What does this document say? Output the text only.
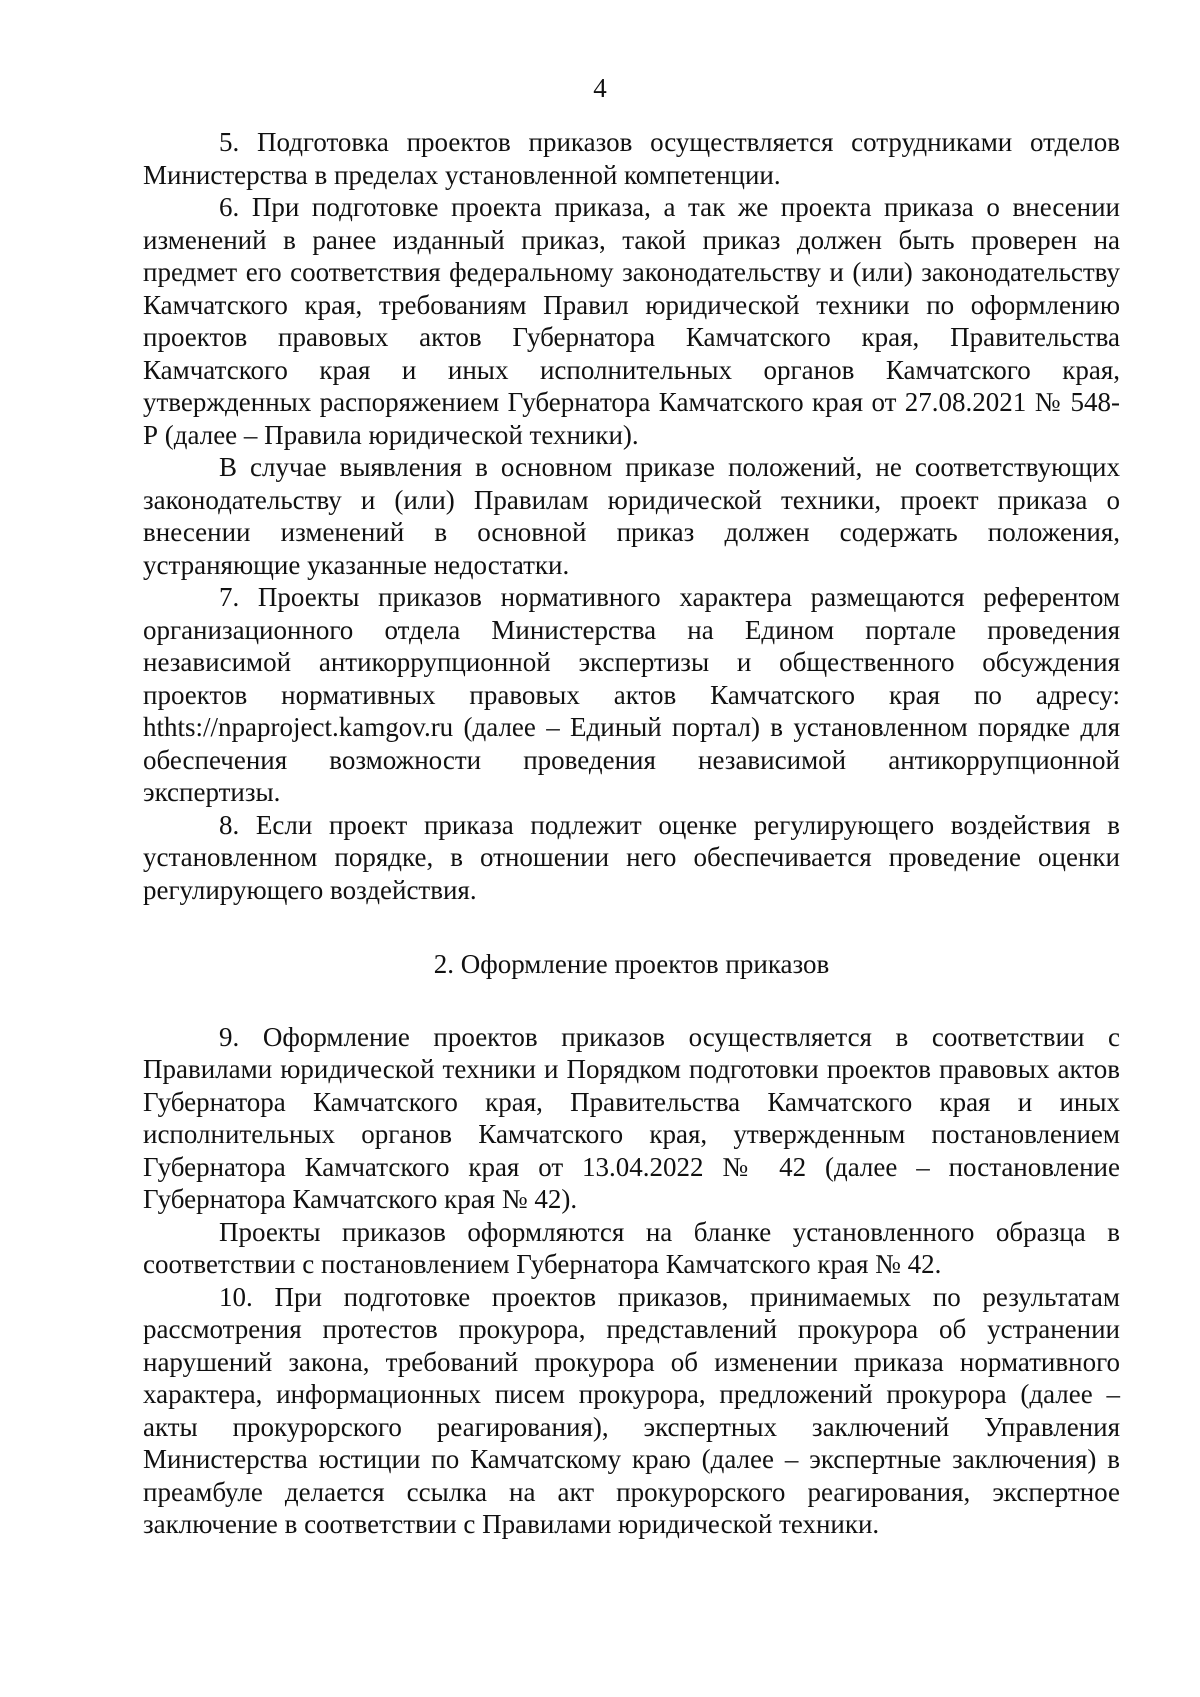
4

5. Подготовка проектов приказов осуществляется сотрудниками отделов Министерства в пределах установленной компетенции.

6. При подготовке проекта приказа, а так же проекта приказа о внесении изменений в ранее изданный приказ, такой приказ должен быть проверен на предмет его соответствия федеральному законодательству и (или) законодательству Камчатского края, требованиям Правил юридической техники по оформлению проектов правовых актов Губернатора Камчатского края, Правительства Камчатского края и иных исполнительных органов Камчатского края, утвержденных распоряжением Губернатора Камчатского края от 27.08.2021 № 548-Р (далее – Правила юридической техники).

В случае выявления в основном приказе положений, не соответствующих законодательству и (или) Правилам юридической техники, проект приказа о внесении изменений в основной приказ должен содержать положения, устраняющие указанные недостатки.

7. Проекты приказов нормативного характера размещаются референтом организационного отдела Министерства на Едином портале проведения независимой антикоррупционной экспертизы и общественного обсуждения проектов нормативных правовых актов Камчатского края по адресу: hthts://npaproject.kamgov.ru (далее – Единый портал) в установленном порядке для обеспечения возможности проведения независимой антикоррупционной экспертизы.

8. Если проект приказа подлежит оценке регулирующего воздействия в установленном порядке, в отношении него обеспечивается проведение оценки регулирующего воздействия.

2. Оформление проектов приказов

9. Оформление проектов приказов осуществляется в соответствии с Правилами юридической техники и Порядком подготовки проектов правовых актов Губернатора Камчатского края, Правительства Камчатского края и иных исполнительных органов Камчатского края, утвержденным постановлением Губернатора Камчатского края от 13.04.2022 № 42 (далее – постановление Губернатора Камчатского края № 42).

Проекты приказов оформляются на бланке установленного образца в соответствии с постановлением Губернатора Камчатского края № 42.

10. При подготовке проектов приказов, принимаемых по результатам рассмотрения протестов прокурора, представлений прокурора об устранении нарушений закона, требований прокурора об изменении приказа нормативного характера, информационных писем прокурора, предложений прокурора (далее – акты прокурорского реагирования), экспертных заключений Управления Министерства юстиции по Камчатскому краю (далее – экспертные заключения) в преамбуле делается ссылка на акт прокурорского реагирования, экспертное заключение в соответствии с Правилами юридической техники.
